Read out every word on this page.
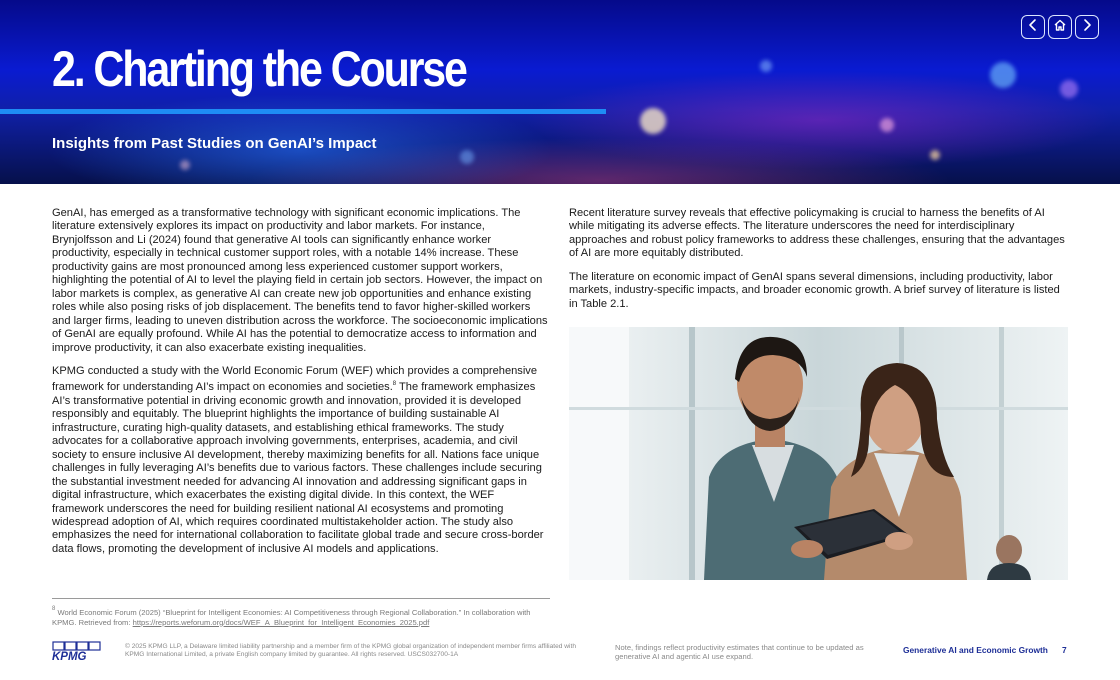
2. Charting the Course
Insights from Past Studies on GenAI’s Impact

GenAI, has emerged as a transformative technology with significant economic implications. The literature extensively explores its impact on productivity and labor markets. For instance, Brynjolfsson and Li (2024) found that generative AI tools can significantly enhance worker productivity, especially in technical customer support roles, with a notable 14% increase. These productivity gains are most pronounced among less experienced customer support workers, highlighting the potential of AI to level the playing field in certain job sectors. However, the impact on labor markets is complex, as generative AI can create new job opportunities and enhance existing roles while also posing risks of job displacement. The benefits tend to favor higher-skilled workers and larger firms, leading to uneven distribution across the workforce. The socioeconomic implications of GenAI are equally profound. While AI has the potential to democratize access to information and improve productivity, it can also exacerbate existing inequalities.

KPMG conducted a study with the World Economic Forum (WEF) which provides a comprehensive framework for understanding AI’s impact on economies and societies.$^8$ The framework emphasizes AI’s transformative potential in driving economic growth and innovation, provided it is developed responsibly and equitably. The blueprint highlights the importance of building sustainable AI infrastructure, curating high-quality datasets, and establishing ethical frameworks. The study advocates for a collaborative approach involving governments, enterprises, academia, and civil society to ensure inclusive AI development, thereby maximizing benefits for all. Nations face unique challenges in fully leveraging AI’s benefits due to various factors. These challenges include securing the substantial investment needed for advancing AI innovation and addressing significant gaps in digital infrastructure, which exacerbates the existing digital divide. In this context, the WEF framework underscores the need for building resilient national AI ecosystems and promoting widespread adoption of AI, which requires coordinated multistakeholder action. The study also emphasizes the need for international collaboration to facilitate global trade and secure cross-border data flows, promoting the development of inclusive AI models and applications.

Recent literature survey reveals that effective policymaking is crucial to harness the benefits of AI while mitigating its adverse effects. The literature underscores the need for interdisciplinary approaches and robust policy frameworks to address these challenges, ensuring that the advantages of AI are more equitably distributed.

The literature on economic impact of GenAI spans several dimensions, including productivity, labor markets, industry-specific impacts, and broader economic growth. A brief survey of literature is listed in Table 2.1.

$^8$ World Economic Forum (2025) “Blueprint for Intelligent Economies: AI Competitiveness through Regional Collaboration.” In collaboration with KPMG. Retrieved from: https://reports.weforum.org/docs/WEF_A_Blueprint_for_Intelligent_Economies_2025.pdf
KPMG
© 2025 KPMG LLP, a Delaware limited liability partnership and a member firm of the KPMG global organization of independent member firms affiliated with KPMG International Limited, a private English company limited by guarantee. All rights reserved. USCS032700-1A
Note, findings reflect productivity estimates that continue to be updated as generative AI and agentic AI use expand.
Generative AI and Economic Growth 7
